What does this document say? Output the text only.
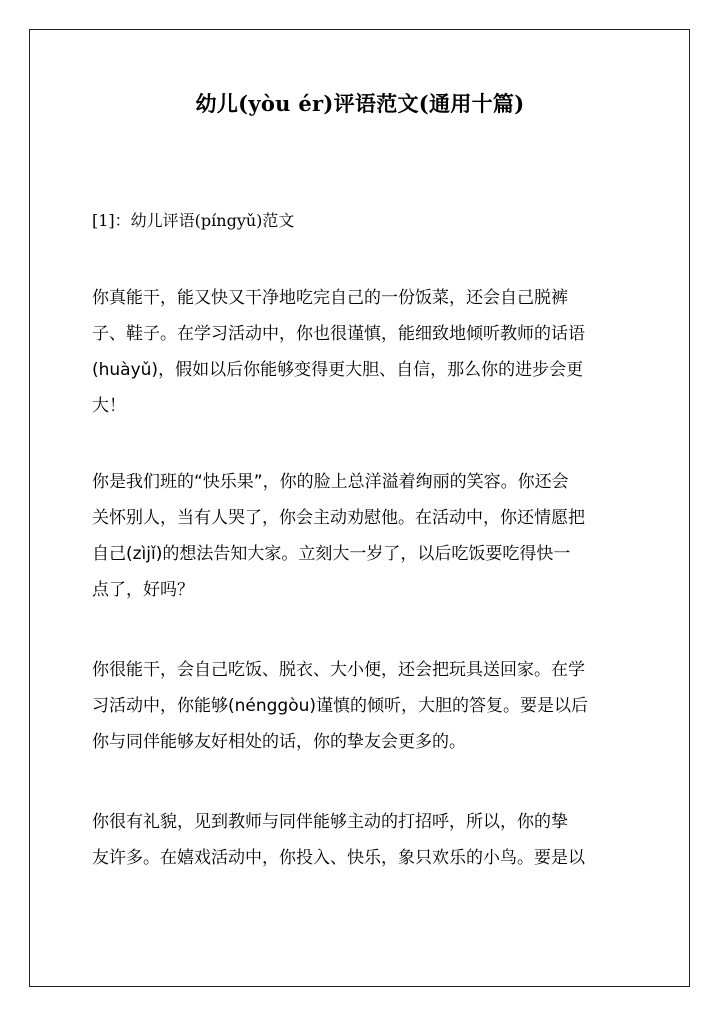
幼儿(yòu ér)评语范文(通用十篇)
[1]：幼儿评语(píngyǔ)范文
你真能干，能又快又干净地吃完自己的一份饭菜，还会自己脱裤
子、鞋子。在学习活动中，你也很谨慎，能细致地倾听教师的话语
(huàyǔ)，假如以后你能够变得更大胆、自信，那么你的进步会更
大！
你是我们班的“快乐果”，你的脸上总洋溢着绚丽的笑容。你还会
关怀别人，当有人哭了，你会主动劝慰他。在活动中，你还情愿把
自己(zìjǐ)的想法告知大家。立刻大一岁了，以后吃饭要吃得快一
点了，好吗？
你很能干，会自己吃饭、脱衣、大小便，还会把玩具送回家。在学
习活动中，你能够(nénggòu)谨慎的倾听，大胆的答复。要是以后
你与同伴能够友好相处的话，你的挚友会更多的。
你很有礼貌，见到教师与同伴能够主动的打招呼，所以，你的挚
友许多。在嬉戏活动中，你投入、快乐，象只欢乐的小鸟。要是以
